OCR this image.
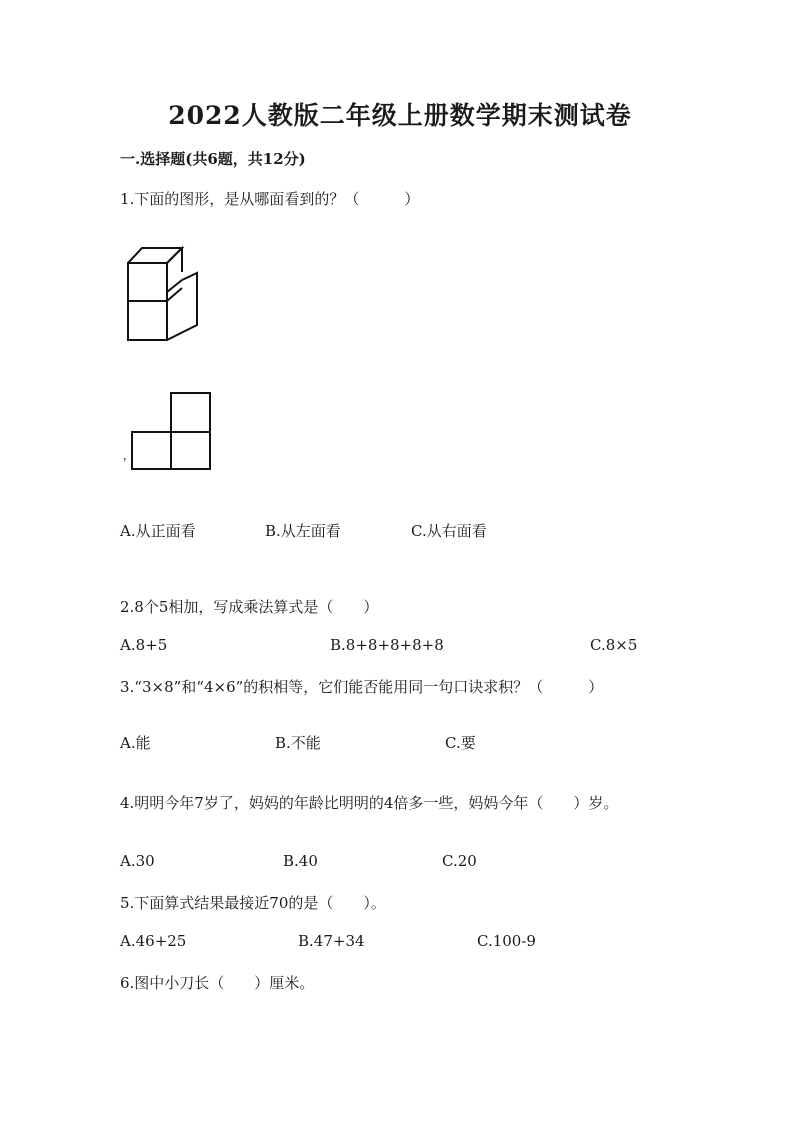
2022人教版二年级上册数学期末测试卷
一.选择题(共6题，共12分)
1.下面的图形，是从哪面看到的？（　　　）
，
A.从正面看	B.从左面看	C.从右面看
2.8个5相加，写成乘法算式是（　　）
A.8+5	B.8+8+8+8+8	C.8×5
3.“3×8”和“4×6”的积相等，它们能否能用同一句口诀求积？（　　　）
A.能	B.不能	C.要
4.明明今年7岁了，妈妈的年龄比明明的4倍多一些，妈妈今年（　　）岁。
A.30	B.40	C.20
5.下面算式结果最接近70的是（　　）。
A.46+25	B.47+34	C.100-9
6.图中小刀长（　　）厘米。
